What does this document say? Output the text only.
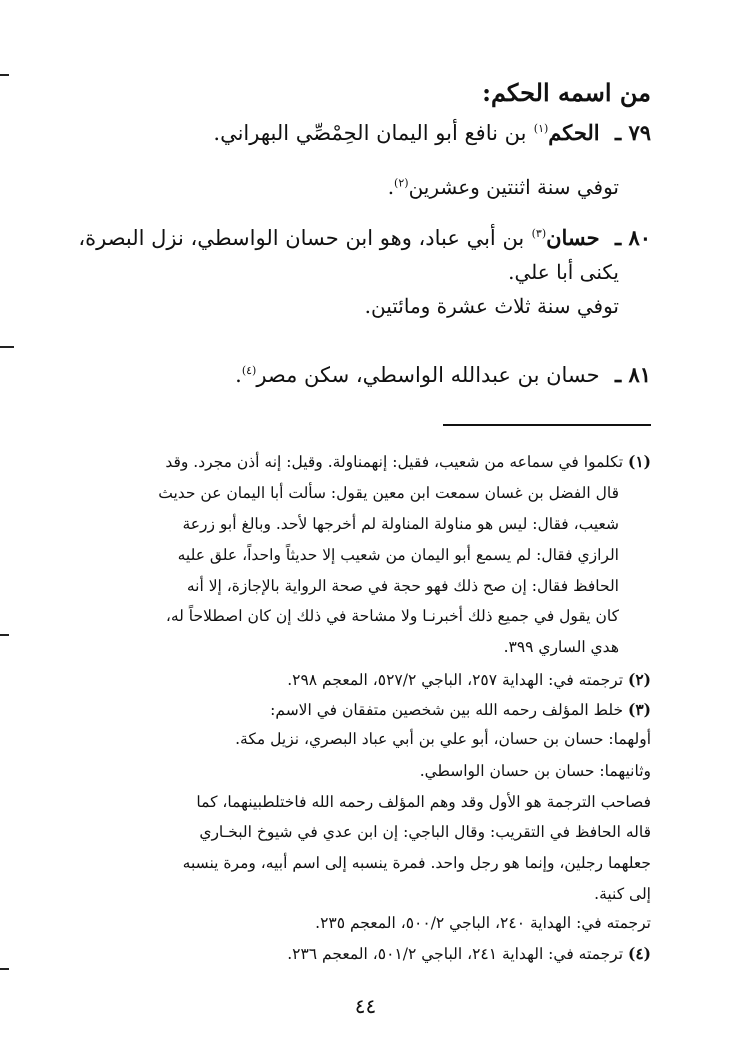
من اسمه الحكم:
٧٩ ـ الحكم$^{(١)}$ بن نافع أبو اليمان الحِمْصِّي البهراني.
توفي سنة اثنتين وعشرين$^{(٢)}$.
٨٠ ـ حسان$^{(٣)}$ بن أبي عباد، وهو ابن حسان الواسطي، نزل البصرة،
يكنى أبا علي.
توفي سنة ثلاث عشرة ومائتين.
٨١ ـ حسان بن عبدالله الواسطي، سكن مصر$^{(٤)}$.
(١) تكلموا في سماعه من شعيب، فقيل: إنهمناولة. وقيل: إنه أذن مجرد. وقد
قال الفضل بن غسان سمعت ابن معين يقول: سألت أبا اليمان عن حديث
شعيب، فقال: ليس هو مناولة المناولة لم أخرجها لأحد. وبالغ أبو زرعة
الرازي فقال: لم يسمع أبو اليمان من شعيب إلا حديثاً واحداً، علق عليه
الحافظ فقال: إن صح ذلك فهو حجة في صحة الرواية بالإجازة، إلا أنه
كان يقول في جميع ذلك أخبرنـا ولا مشاحة في ذلك إن كان اصطلاحاً له،
هدي الساري ٣٩٩.
(٢) ترجمته في: الهداية ٢٥٧، الباجي ٥٢٧/٢، المعجم ٢٩٨.
(٣) خلط المؤلف رحمه الله بين شخصين متفقان في الاسم:
أولهما: حسان بن حسان، أبو علي بن أبي عباد البصري، نزيل مكة.
وثانيهما: حسان بن حسان الواسطي.
فصاحب الترجمة هو الأول وقد وهم المؤلف رحمه الله فاختلطبينهما، كما
قاله الحافظ في التقريب: وقال الباجي: إن ابن عدي في شيوخ البخـاري
جعلهما رجلين، وإنما هو رجل واحد. فمرة ينسبه إلى اسم أبيه، ومرة ينسبه
إلى كنية.
ترجمته في: الهداية ٢٤٠، الباجي ٥٠٠/٢، المعجم ٢٣٥.
(٤) ترجمته في: الهداية ٢٤١، الباجي ٥٠١/٢، المعجم ٢٣٦.
٤٤
